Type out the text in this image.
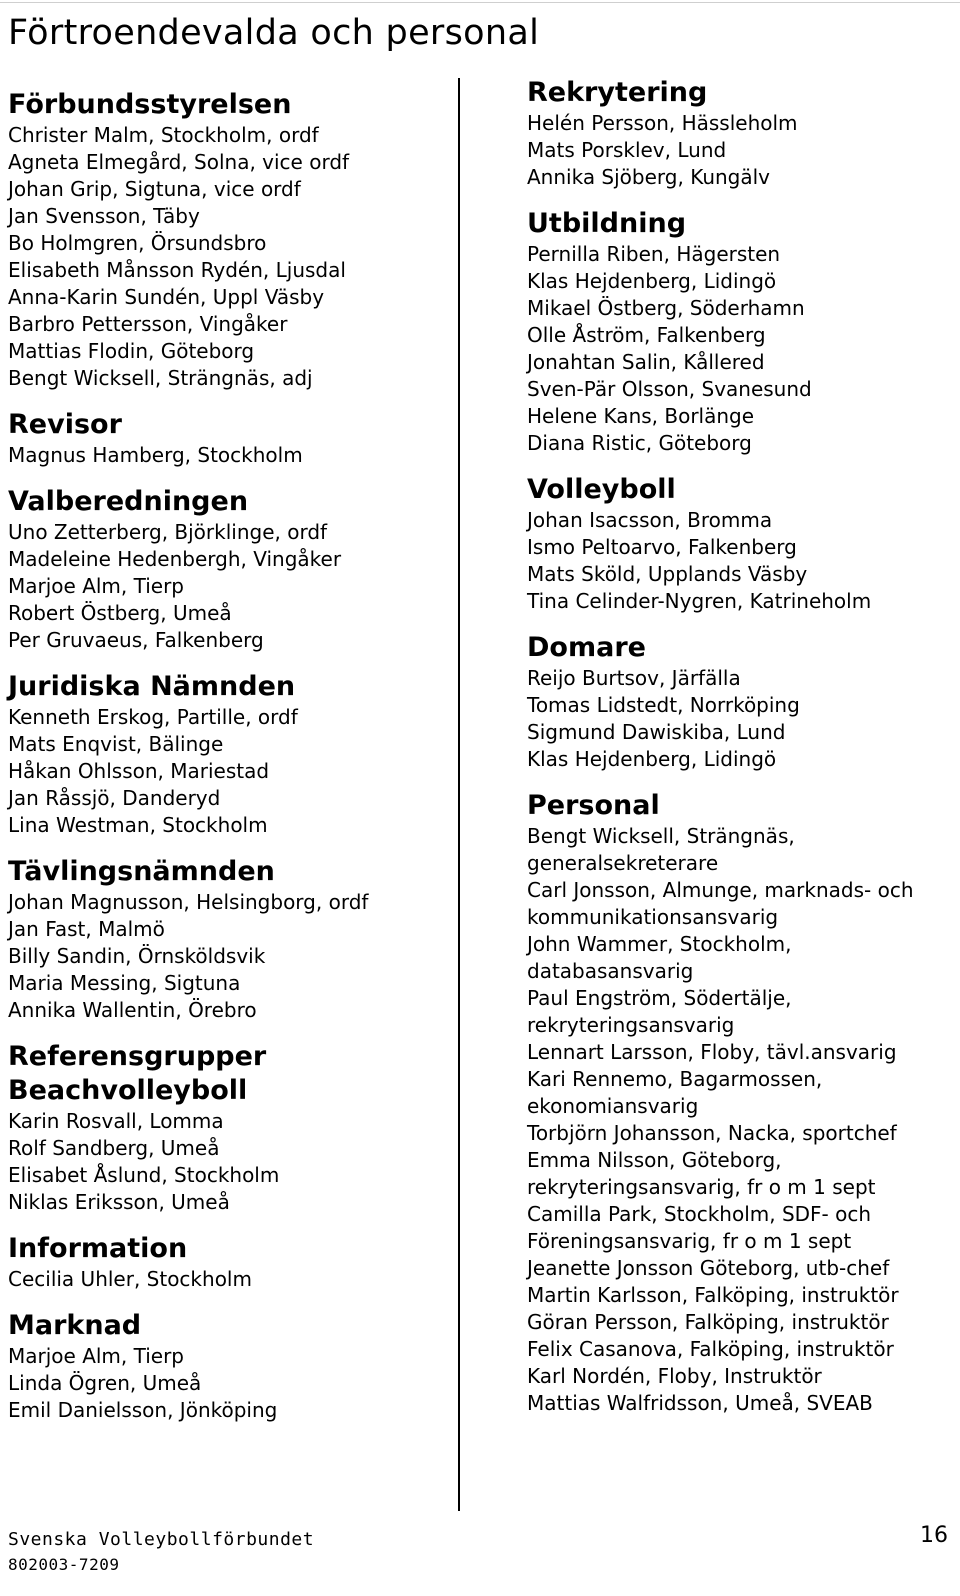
Förtroendevalda och personal
Förbundsstyrelsen
Christer Malm, Stockholm, ordf
Agneta Elmegård, Solna, vice ordf
Johan Grip, Sigtuna, vice ordf
Jan Svensson, Täby
Bo Holmgren, Örsundsbro
Elisabeth Månsson Rydén, Ljusdal
Anna-Karin Sundén, Uppl Väsby
Barbro Pettersson, Vingåker
Mattias Flodin, Göteborg
Bengt Wicksell, Strängnäs, adj
Revisor
Magnus Hamberg, Stockholm
Valberedningen
Uno Zetterberg, Björklinge, ordf
Madeleine Hedenbergh, Vingåker
Marjoe Alm, Tierp
Robert Östberg, Umeå
Per Gruvaeus, Falkenberg
Juridiska Nämnden
Kenneth Erskog, Partille, ordf
Mats Enqvist, Bälinge
Håkan Ohlsson, Mariestad
Jan Råssjö, Danderyd
Lina Westman, Stockholm
Tävlingsnämnden
Johan Magnusson, Helsingborg, ordf
Jan Fast, Malmö
Billy Sandin, Örnsköldsvik
Maria Messing, Sigtuna
Annika Wallentin, Örebro
Referensgrupper
Beachvolleyboll
Karin Rosvall, Lomma
Rolf Sandberg, Umeå
Elisabet Åslund, Stockholm
Niklas Eriksson, Umeå
Information
Cecilia Uhler, Stockholm
Marknad
Marjoe Alm, Tierp
Linda Ögren, Umeå
Emil Danielsson, Jönköping
Rekrytering
Helén Persson, Hässleholm
Mats Porsklev, Lund
Annika Sjöberg, Kungälv
Utbildning
Pernilla Riben, Hägersten
Klas Hejdenberg, Lidingö
Mikael Östberg, Söderhamn
Olle Åström, Falkenberg
Jonahtan Salin, Kållered
Sven-Pär Olsson, Svanesund
Helene Kans, Borlänge
Diana Ristic, Göteborg
Volleyboll
Johan Isacsson, Bromma
Ismo Peltoarvo, Falkenberg
Mats Sköld, Upplands Väsby
Tina Celinder-Nygren, Katrineholm
Domare
Reijo Burtsov, Järfälla
Tomas Lidstedt, Norrköping
Sigmund Dawiskiba, Lund
Klas Hejdenberg, Lidingö
Personal
Bengt Wicksell, Strängnäs,
generalsekreterare
Carl Jonsson, Almunge, marknads- och
kommunikationsansvarig
John Wammer, Stockholm,
databasansvarig
Paul Engström, Södertälje,
rekryteringsansvarig
Lennart Larsson, Floby, tävl.ansvarig
Kari Rennemo, Bagarmossen,
ekonomiansvarig
Torbjörn Johansson, Nacka, sportchef
Emma Nilsson, Göteborg,
rekryteringsansvarig, fr o m 1 sept
Camilla Park, Stockholm, SDF- och
Föreningsansvarig, fr o m 1 sept
Jeanette Jonsson Göteborg, utb-chef
Martin Karlsson, Falköping, instruktör
Göran Persson, Falköping, instruktör
Felix Casanova, Falköping, instruktör
Karl Nordén, Floby, Instruktör
Mattias Walfridsson, Umeå, SVEAB
Svenska Volleybollförbundet	16
802003-7209
